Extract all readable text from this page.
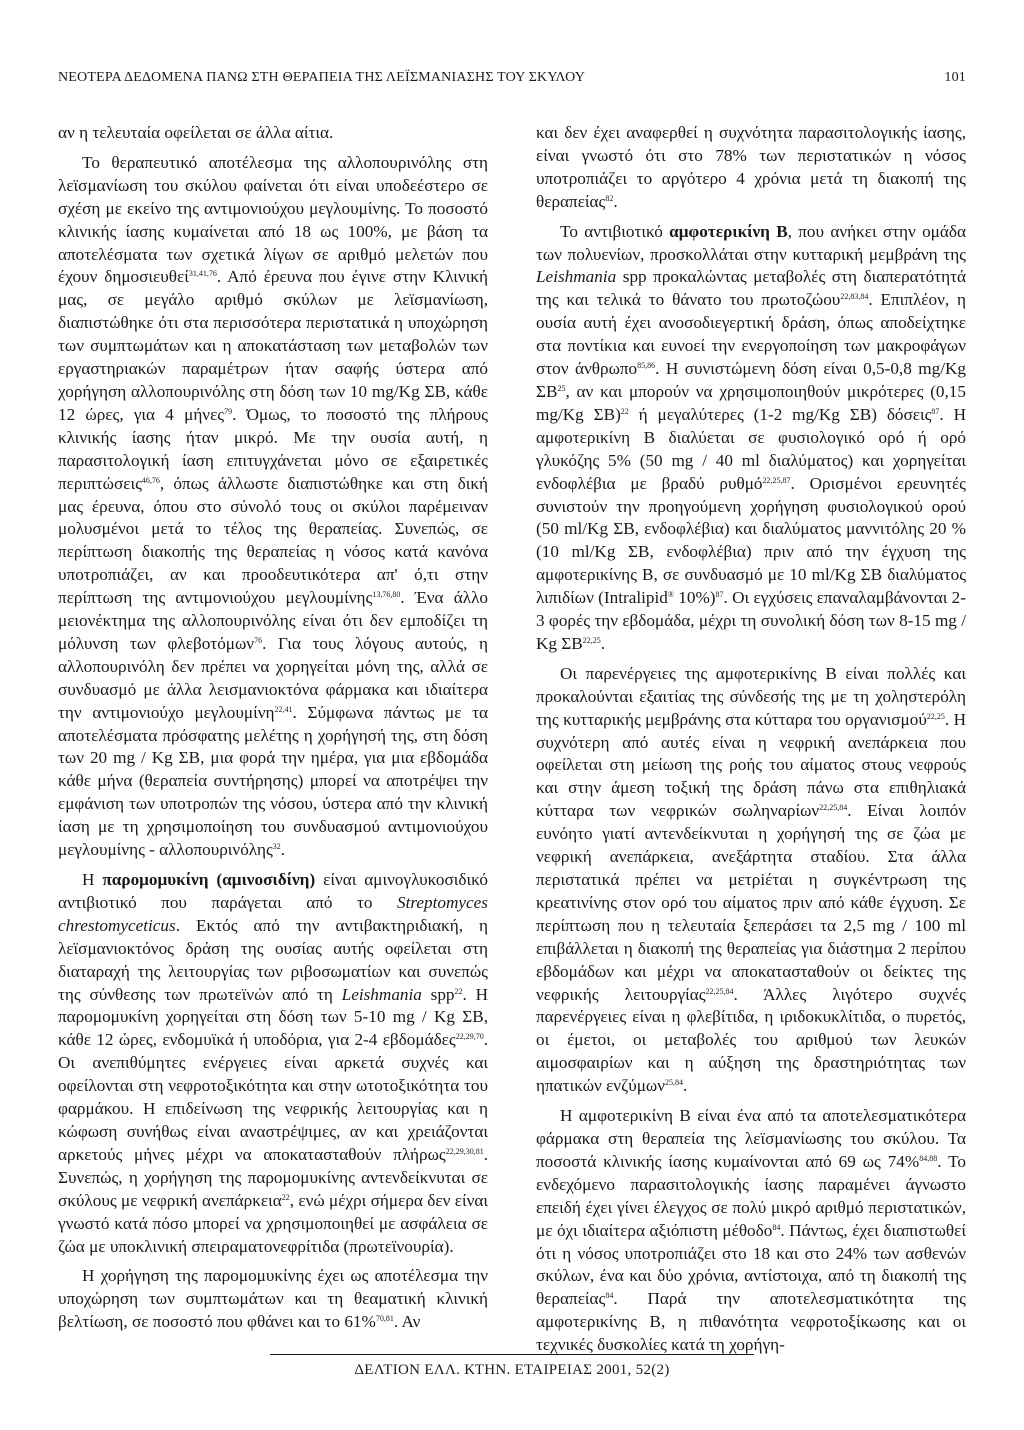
ΝΕΟΤΕΡΑ ΔΕΔΟΜΕΝΑ ΠΑΝΩ ΣΤΗ ΘΕΡΑΠΕΙΑ ΤΗΣ ΛΕΪΣΜΑΝΙΑΣΗΣ ΤΟΥ ΣΚΥΛΟΥ	101

αν η τελευταία οφείλεται σε άλλα αίτια.

Το θεραπευτικό αποτέλεσμα της αλλοπουρινόλης στη λεϊσμανίωση του σκύλου φαίνεται ότι είναι υποδεέστερο σε σχέση με εκείνο της αντιμονιούχου μεγλουμίνης. Το ποσοστό κλινικής ίασης κυμαίνεται από 18 ως 100%, με βάση τα αποτελέσματα των σχετικά λίγων σε αριθμό μελετών που έχουν δημοσιευθεί$^{31,41,76}$. Από έρευνα που έγινε στην Κλινική μας, σε μεγάλο αριθμό σκύλων με λεϊσμανίωση, διαπιστώθηκε ότι στα περισσότερα περιστατικά η υποχώρηση των συμπτωμάτων και η αποκατάσταση των μεταβολών των εργαστηριακών παραμέτρων ήταν σαφής ύστερα από χορήγηση αλλοπουρινόλης στη δόση των 10 mg/Kg ΣΒ, κάθε 12 ώρες, για 4 μήνες$^{79}$. Όμως, το ποσοστό της πλήρους κλινικής ίασης ήταν μικρό. Με την ουσία αυτή, η παρασιτολογική ίαση επιτυγχάνεται μόνο σε εξαιρετικές περιπτώσεις$^{46,76}$, όπως άλλωστε διαπιστώθηκε και στη δική μας έρευνα, όπου στο σύνολό τους οι σκύλοι παρέμειναν μολυσμένοι μετά το τέλος της θεραπείας. Συνεπώς, σε περίπτωση διακοπής της θεραπείας η νόσος κατά κανόνα υποτροπιάζει, αν και προοδευτικότερα απ' ό,τι στην περίπτωση της αντιμονιούχου μεγλουμίνης$^{13,76,80}$. Ένα άλλο μειονέκτημα της αλλοπουρινόλης είναι ότι δεν εμποδίζει τη μόλυνση των φλεβοτόμων$^{76}$. Για τους λόγους αυτούς, η αλλοπουρινόλη δεν πρέπει να χορηγείται μόνη της, αλλά σε συνδυασμό με άλλα λεισμανιοκτόνα φάρμακα και ιδιαίτερα την αντιμονιούχο μεγλουμίνη$^{22,41}$. Σύμφωνα πάντως με τα αποτελέσματα πρόσφατης μελέτης η χορήγησή της, στη δόση των 20 mg / Kg ΣΒ, μια φορά την ημέρα, για μια εβδομάδα κάθε μήνα (θεραπεία συντήρησης) μπορεί να αποτρέψει την εμφάνιση των υποτροπών της νόσου, ύστερα από την κλινική ίαση με τη χρησιμοποίηση του συνδυασμού αντιμονιούχου μεγλουμίνης - αλλοπουρινόλης$^{32}$.

Η παρομομυκίνη (αμινοσιδίνη) είναι αμινογλυκοσιδικό αντιβιοτικό που παράγεται από το Streptomyces chrestomyceticus. Εκτός από την αντιβακτηριδιακή, η λεϊσμανιοκτόνος δράση της ουσίας αυτής οφείλεται στη διαταραχή της λειτουργίας των ριβοσωματίων και συνεπώς της σύνθεσης των πρωτεϊνών από τη Leishmania spp$^{22}$. Η παρομομυκίνη χορηγείται στη δόση των 5-10 mg / Kg ΣΒ, κάθε 12 ώρες, ενδομυϊκά ή υποδόρια, για 2-4 εβδομάδες$^{22,29,70}$. Οι ανεπιθύμητες ενέργειες είναι αρκετά συχνές και οφείλονται στη νεφροτοξικότητα και στην ωτοτοξικότητα του φαρμάκου. Η επιδείνωση της νεφρικής λειτουργίας και η κώφωση συνήθως είναι αναστρέψιμες, αν και χρειάζονται αρκετούς μήνες μέχρι να αποκατασταθούν πλήρως$^{22,29,30,81}$. Συνεπώς, η χορήγηση της παρομομυκίνης αντενδείκνυται σε σκύλους με νεφρική ανεπάρκεια$^{22}$, ενώ μέχρι σήμερα δεν είναι γνωστό κατά πόσο μπορεί να χρησιμοποιηθεί με ασφάλεια σε ζώα με υποκλινική σπειραματονεφρίτιδα (πρωτεϊνουρία).

Η χορήγηση της παρομομυκίνης έχει ως αποτέλεσμα την υποχώρηση των συμπτωμάτων και τη θεαματική κλινική βελτίωση, σε ποσοστό που φθάνει και το 61%$^{70,81}$. Αν

και δεν έχει αναφερθεί η συχνότητα παρασιτολογικής ίασης, είναι γνωστό ότι στο 78% των περιστατικών η νόσος υποτροπιάζει το αργότερο 4 χρόνια μετά τη διακοπή της θεραπείας$^{82}$.

Το αντιβιοτικό αμφοτερικίνη Β, που ανήκει στην ομάδα των πολυενίων, προσκολλάται στην κυτταρική μεμβράνη της Leishmania spp προκαλώντας μεταβολές στη διαπερατότητά της και τελικά το θάνατο του πρωτοζώου$^{22,83,84}$. Επιπλέον, η ουσία αυτή έχει ανοσοδιεγερτική δράση, όπως αποδείχτηκε στα ποντίκια και ευνοεί την ενεργοποίηση των μακροφάγων στον άνθρωπο$^{85,86}$. Η συνιστώμενη δόση είναι 0,5-0,8 mg/Kg ΣΒ$^{25}$, αν και μπορούν να χρησιμοποιηθούν μικρότερες (0,15 mg/Kg ΣΒ)$^{22}$ ή μεγαλύτερες (1-2 mg/Kg ΣΒ) δόσεις$^{87}$. Η αμφοτερικίνη Β διαλύεται σε φυσιολογικό ορό ή ορό γλυκόζης 5% (50 mg / 40 ml διαλύματος) και χορηγείται ενδοφλέβια με βραδύ ρυθμό$^{22,25,87}$. Ορισμένοι ερευνητές συνιστούν την προηγούμενη χορήγηση φυσιολογικού ορού (50 ml/Kg ΣΒ, ενδοφλέβια) και διαλύματος μαννιτόλης 20 % (10 ml/Kg ΣΒ, ενδοφλέβια) πριν από την έγχυση της αμφοτερικίνης Β, σε συνδυασμό με 10 ml/Kg ΣΒ διαλύματος λιπιδίων (Intralipid® 10%)$^{87}$. Οι εγχύσεις επαναλαμβάνονται 2-3 φορές την εβδομάδα, μέχρι τη συνολική δόση των 8-15 mg / Kg ΣΒ$^{22,25}$.

Οι παρενέργειες της αμφοτερικίνης Β είναι πολλές και προκαλούνται εξαιτίας της σύνδεσής της με τη χοληστερόλη της κυτταρικής μεμβράνης στα κύτταρα του οργανισμού$^{22,25}$. Η συχνότερη από αυτές είναι η νεφρική ανεπάρκεια που οφείλεται στη μείωση της ροής του αίματος στους νεφρούς και στην άμεση τοξική της δράση πάνω στα επιθηλιακά κύτταρα των νεφρικών σωληναρίων$^{22,25,84}$. Είναι λοιπόν ευνόητο γιατί αντενδείκνυται η χορήγησή της σε ζώα με νεφρική ανεπάρκεια, ανεξάρτητα σταδίου. Στα άλλα περιστατικά πρέπει να μετρiέται η συγκέντρωση της κρεατινίνης στον ορό του αίματος πριν από κάθε έγχυση. Σε περίπτωση που η τελευταία ξεπεράσει τα 2,5 mg / 100 ml επιβάλλεται η διακοπή της θεραπείας για διάστημα 2 περίπου εβδομάδων και μέχρι να αποκατασταθούν οι δείκτες της νεφρικής λειτουργίας$^{22,25,84}$. Άλλες λιγότερο συχνές παρενέργειες είναι η φλεβίτιδα, η ιριδοκυκλίτιδα, ο πυρετός, οι έμετοι, οι μεταβολές του αριθμού των λευκών αιμοσφαιρίων και η αύξηση της δραστηριότητας των ηπατικών ενζύμων$^{25,84}$.

Η αμφοτερικίνη Β είναι ένα από τα αποτελεσματικότερα φάρμακα στη θεραπεία της λεϊσμανίωσης του σκύλου. Τα ποσοστά κλινικής ίασης κυμαίνονται από 69 ως 74%$^{84,88}$. Το ενδεχόμενο παρασιτολογικής ίασης παραμένει άγνωστο επειδή έχει γίνει έλεγχος σε πολύ μικρό αριθμό περιστατικών, με όχι ιδιαίτερα αξιόπιστη μέθοδο$^{84}$. Πάντως, έχει διαπιστωθεί ότι η νόσος υποτροπιάζει στο 18 και στο 24% των ασθενών σκύλων, ένα και δύο χρόνια, αντίστοιχα, από τη διακοπή της θεραπείας$^{84}$. Παρά την αποτελεσματικότητα της αμφοτερικίνης Β, η πιθανότητα νεφροτοξίκωσης και οι τεχνικές δυσκολίες κατά τη χορήγη-

ΔΕΛΤΙΟΝ ΕΛΛ. ΚΤΗΝ. ΕΤΑΙΡΕΙΑΣ 2001, 52(2)
